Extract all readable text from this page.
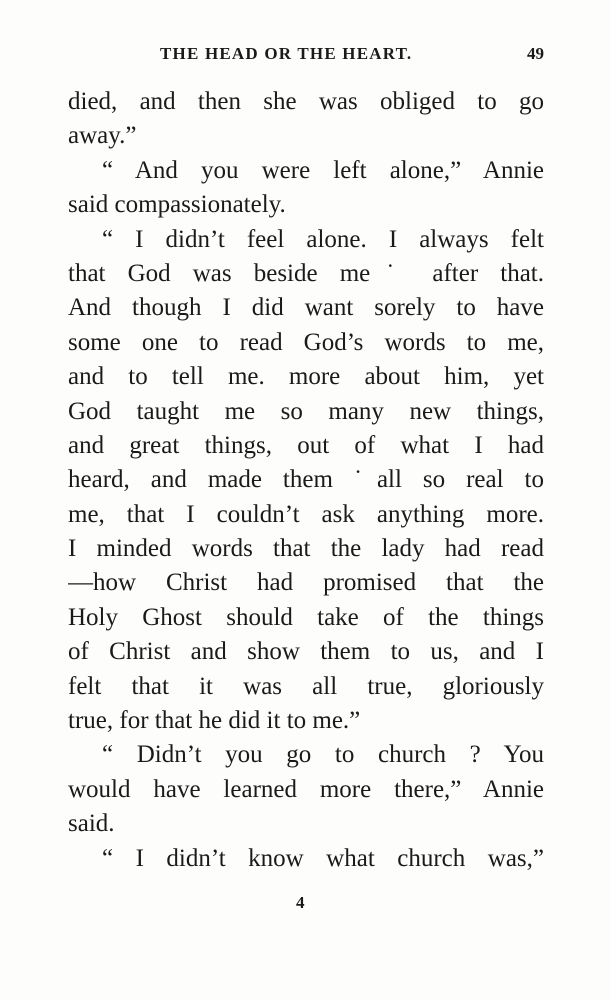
THE HEAD OR THE HEART.	49
died, and then she was obliged to go
away.”
“ And you were left alone,” Annie
said compassionately.
“ I didn’t feel alone. I always felt
that God was beside me˙ after that.
And though I did want sorely to have
some one to read God’s words to me,
and to tell me. more about him, yet
God taught me so many new things,
and great things, out of what I had
heard, and made them ˙all so real to
me, that I couldn’t ask anything more.
I minded words that the lady had read
—how Christ had promised that the
Holy Ghost should take of the things
of Christ and show them to us, and I
felt that it was all true, gloriously
true, for that he did it to me.”
“ Didn’t you go to church ? You
would have learned more there,” Annie
said.
“ I didn’t know what church was,”
4
